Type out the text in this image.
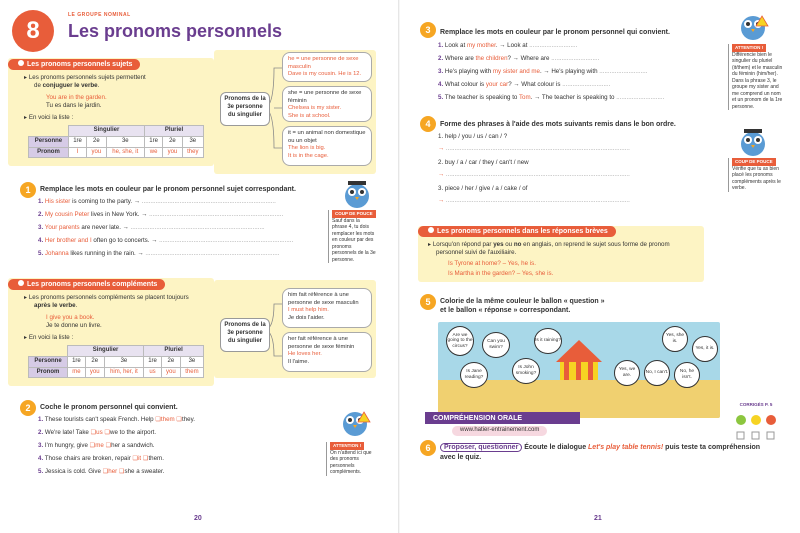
8
LE GROUPE NOMINAL
Les pronoms personnels
Les pronoms personnels sujets
▸ Les pronoms personnels sujets permettent
de conjuguer le verbe.
You are in the garden.
Tu es dans le jardin.
▸ En voici la liste :
	Singulier			Pluriel		
Personne	1re	2e	3e	1re	2e	3e
Pronom	I	you	he, she, it	we	you	they
Pronoms de la 3e personne du singulier
he = une personne de sexe masculin
Dave is my cousin. He is 12.
she = une personne de sexe féminin
Chelsea is my sister.
She is at school.
it = un animal non domestique ou un objet
The lion is big.
It is in the cage.
1	Remplace les mots en couleur par le pronom personnel sujet correspondant.
COUP DE POUCE
Sauf dans la phrase 4, tu dois remplacer les mots en couleur par des pronoms personnels de la 3e personne.
Les pronoms personnels compléments
▸ Les pronoms personnels compléments se placent toujours
après le verbe.
I give you a book.
Je te donne un livre.
▸ En voici la liste :
	Singulier			Pluriel		
Personne	1re	2e	3e	1re	2e	3e
Pronom	me	you	him, her, it	us	you	them
Pronoms de la 3e personne du singulier
him fait référence à une personne de sexe masculin
I must help him.
Je dois l'aider.
her fait référence à une personne de sexe féminin
He loves her.
Il l'aime.
2	Coche le pronom personnel qui convient.
ATTENTION !
On n'attend ici que des pronoms personnels compléments.
20
1. His sister is coming to the party. → ..............................................................................
2. My cousin Peter lives in New York. → ..............................................................................
3. Your parents are never late. → ..............................................................................
4. Her brother and I often go to concerts. → ..............................................................................
5. Johanna likes running in the rain. → ..............................................................................
1. These tourists can't speak French. Help ❑them ❑they.
2. We're late! Take ❑us ❑we to the airport.
3. I'm hungry, give ❑me ❑her a sandwich.
4. Those chairs are broken, repair ❑it ❑them.
5. Jessica is cold. Give ❑her ❑she a sweater.
3	Remplace les mots en couleur par le pronom personnel qui convient.
ATTENTION !
Différencie bien le singulier du pluriel (it/them) et le masculin du féminin (him/her). Dans la phrase 3, le groupe my sister and me comprend un nom et un pronom de la 1re personne.
4	Forme des phrases à l'aide des mots suivants remis dans le bon ordre.
COUP DE POUCE
Vérifie que tu as bien placé les pronoms compléments après le verbe.
Les pronoms personnels dans les réponses brèves
▸ Lorsqu'on répond par yes ou no en anglais, on reprend le sujet sous forme de pronom
personnel suivi de l'auxiliaire.
Is Tyrone at home? – Yes, he is.
Is Martha in the garden? – Yes, she is.
5	Colorie de la même couleur le ballon « question »
et le ballon « réponse » correspondant.
21
1. Look at my mother. → Look at ............................
2. Where are the children? → Where are ............................
3. He's playing with my sister and me. → He's playing with ............................
4. What colour is your car? → What colour is ............................
5. The teacher is speaking to Tom. → The teacher is speaking to ............................
1. help / you / us / can / ?
→ ...........................................................................................................
2. buy / a / car / they / can't / new
→ ...........................................................................................................
3. piece / her / give / a / cake / of
→ ...........................................................................................................
Are we going to the circus?
Can you swim?
Is it raining?
Is Jane reading?
Is John smoking?
Yes, we are.
No, I can't.	No, he isn't.
Yes, she is.
Yes, it is.
CORRIGÉS P. 5
COMPRÉHENSION ORALE
www.hatier-entrainement.com
6	Proposer, questionner Écoute le dialogue Let's play table tennis! puis teste ta compréhension
avec le quiz.
